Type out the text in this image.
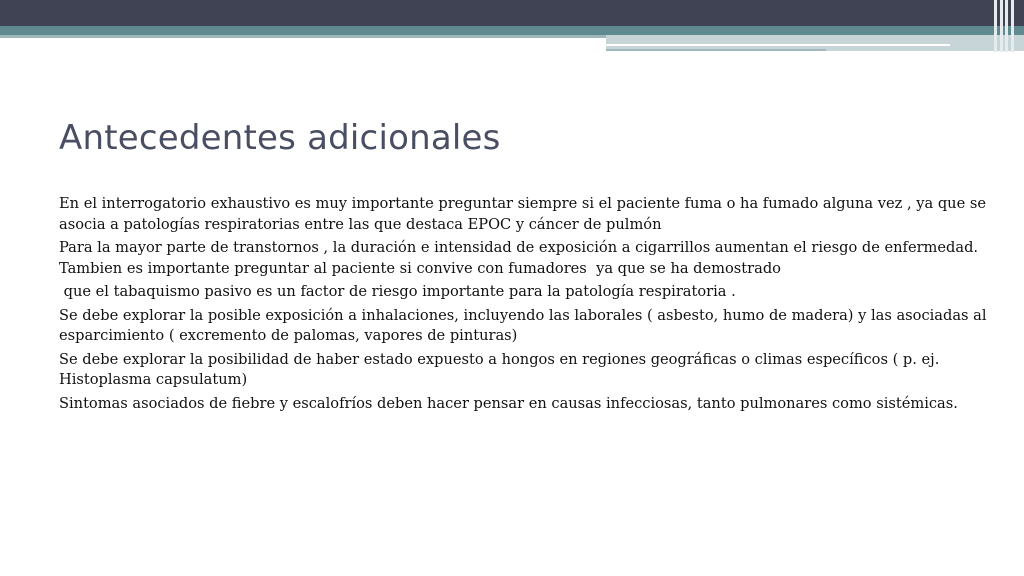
Antecedentes adicionales

En el interrogatorio exhaustivo es muy importante preguntar siempre si el paciente fuma o ha fumado alguna vez , ya que se asocia a patologías respiratorias entre las que destaca EPOC y cáncer de pulmón

Para la mayor parte de transtornos , la duración e intensidad de exposición a cigarrillos aumentan el riesgo de enfermedad. Tambien es importante preguntar al paciente si convive con fumadores  ya que se ha demostrado

que el tabaquismo pasivo es un factor de riesgo importante para la patología respiratoria .

Se debe explorar la posible exposición a inhalaciones, incluyendo las laborales ( asbesto, humo de madera) y las asociadas al esparcimiento ( excremento de palomas, vapores de pinturas)

Se debe explorar la posibilidad de haber estado expuesto a hongos en regiones geográficas o climas específicos ( p. ej. Histoplasma capsulatum)

Sintomas asociados de fiebre y escalofríos deben hacer pensar en causas infecciosas, tanto pulmonares como sistémicas.
